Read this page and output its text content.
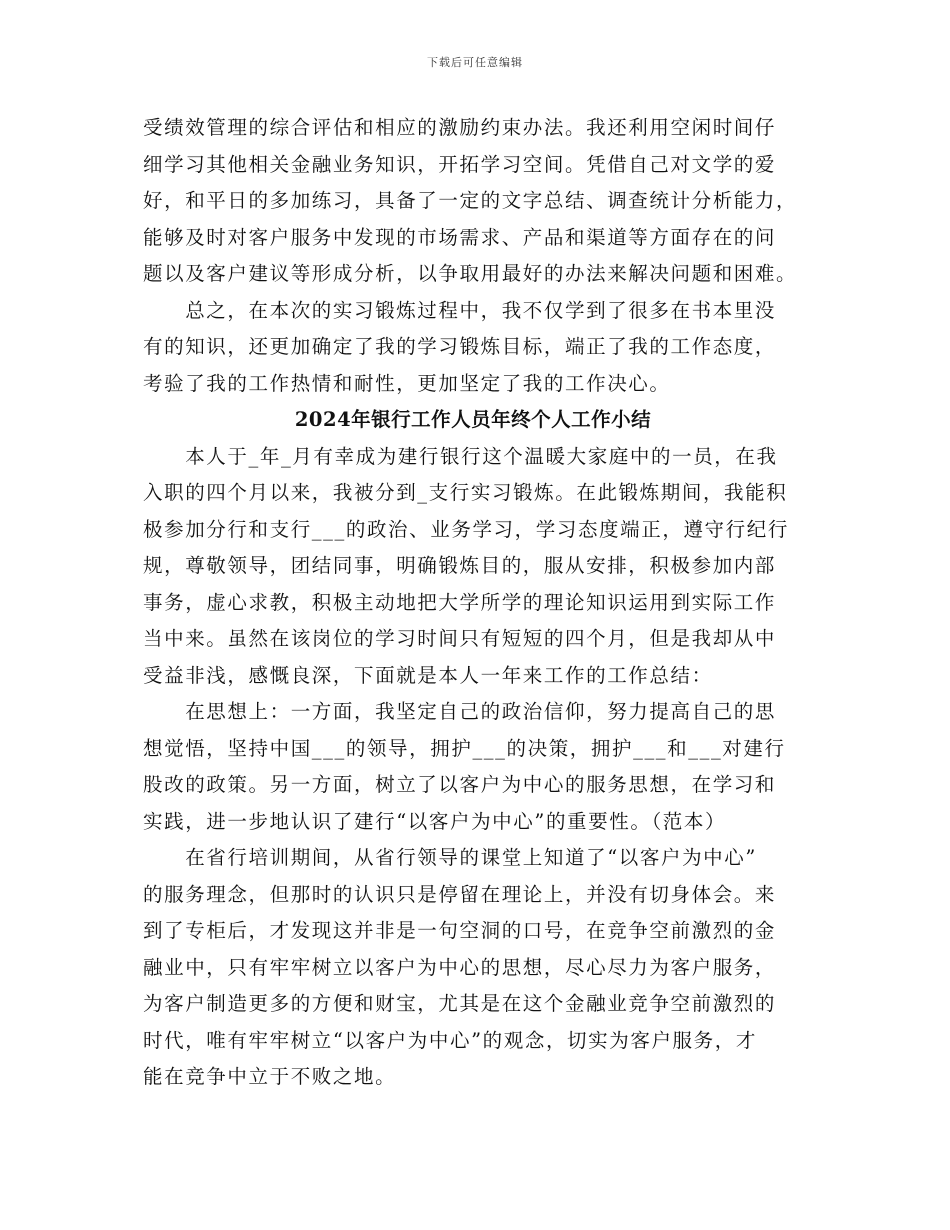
下载后可任意编辑
受绩效管理的综合评估和相应的激励约束办法。我还利用空闲时间仔
细学习其他相关金融业务知识，开拓学习空间。凭借自己对文学的爱
好，和平日的多加练习，具备了一定的文字总结、调查统计分析能力，
能够及时对客户服务中发现的市场需求、产品和渠道等方面存在的问
题以及客户建议等形成分析，以争取用最好的办法来解决问题和困难。
　　总之，在本次的实习锻炼过程中，我不仅学到了很多在书本里没
有的知识，还更加确定了我的学习锻炼目标，端正了我的工作态度，
考验了我的工作热情和耐性，更加坚定了我的工作决心。
2024年银行工作人员年终个人工作小结
　　本人于_年_月有幸成为建行银行这个温暖大家庭中的一员，在我
入职的四个月以来，我被分到_支行实习锻炼。在此锻炼期间，我能积
极参加分行和支行___的政治、业务学习，学习态度端正，遵守行纪行
规，尊敬领导，团结同事，明确锻炼目的，服从安排，积极参加内部
事务，虚心求教，积极主动地把大学所学的理论知识运用到实际工作
当中来。虽然在该岗位的学习时间只有短短的四个月，但是我却从中
受益非浅，感慨良深，下面就是本人一年来工作的工作总结：
　　在思想上：一方面，我坚定自己的政治信仰，努力提高自己的思
想觉悟，坚持中国___的领导，拥护___的决策，拥护___和___对建行
股改的政策。另一方面，树立了以客户为中心的服务思想，在学习和
实践，进一步地认识了建行“以客户为中心”的重要性。（范本）
　　在省行培训期间，从省行领导的课堂上知道了“以客户为中心”
的服务理念，但那时的认识只是停留在理论上，并没有切身体会。来
到了专柜后，才发现这并非是一句空洞的口号，在竞争空前激烈的金
融业中，只有牢牢树立以客户为中心的思想，尽心尽力为客户服务，
为客户制造更多的方便和财宝，尤其是在这个金融业竞争空前激烈的
时代，唯有牢牢树立“以客户为中心”的观念，切实为客户服务，才
能在竞争中立于不败之地。
